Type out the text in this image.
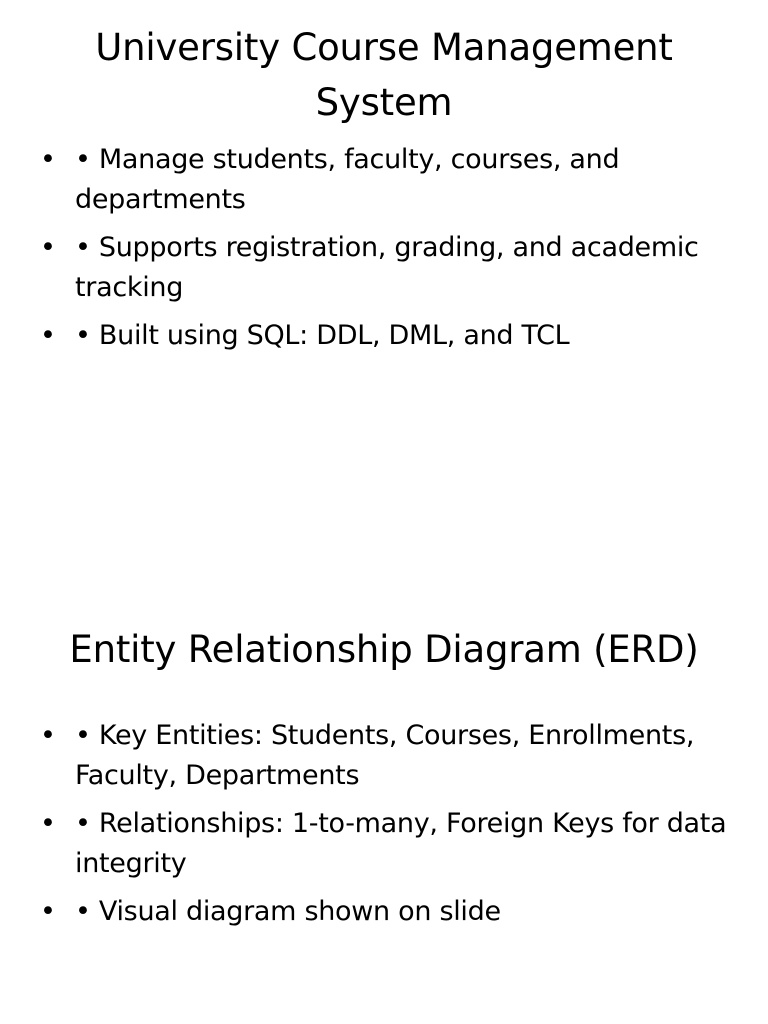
University Course Management System
• • Manage students, faculty, courses, and departments
• • Supports registration, grading, and academic tracking
• • Built using SQL: DDL, DML, and TCL
Entity Relationship Diagram (ERD)
• • Key Entities: Students, Courses, Enrollments, Faculty, Departments
• • Relationships: 1-to-many, Foreign Keys for data integrity
• • Visual diagram shown on slide
